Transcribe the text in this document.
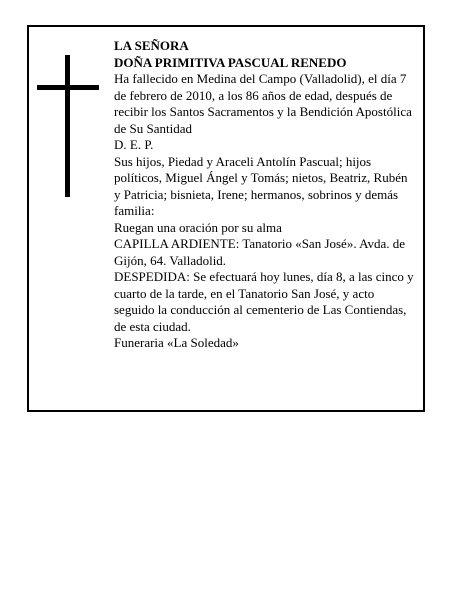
LA SEÑORA

DOÑA PRIMITIVA PASCUAL RENEDO

Ha fallecido en Medina del Campo (Valladolid), el día 7 de febrero de 2010, a los 86 años de edad, después de recibir los Santos Sacramentos y la Bendición Apostólica de Su Santidad

D. E. P.

Sus hijos, Piedad y Araceli Antolín Pascual; hijos políticos, Miguel Ángel y Tomás; nietos, Beatriz, Rubén y Patricia; bisnieta, Irene; hermanos, sobrinos y demás familia:

Ruegan una oración por su alma

CAPILLA ARDIENTE: Tanatorio «San José». Avda. de Gijón, 64. Valladolid.

DESPEDIDA: Se efectuará hoy lunes, día 8, a las cinco y cuarto de la tarde, en el Tanatorio San José, y acto seguido la conducción al cementerio de Las Contiendas, de esta ciudad.

Funeraria «La Soledad»
